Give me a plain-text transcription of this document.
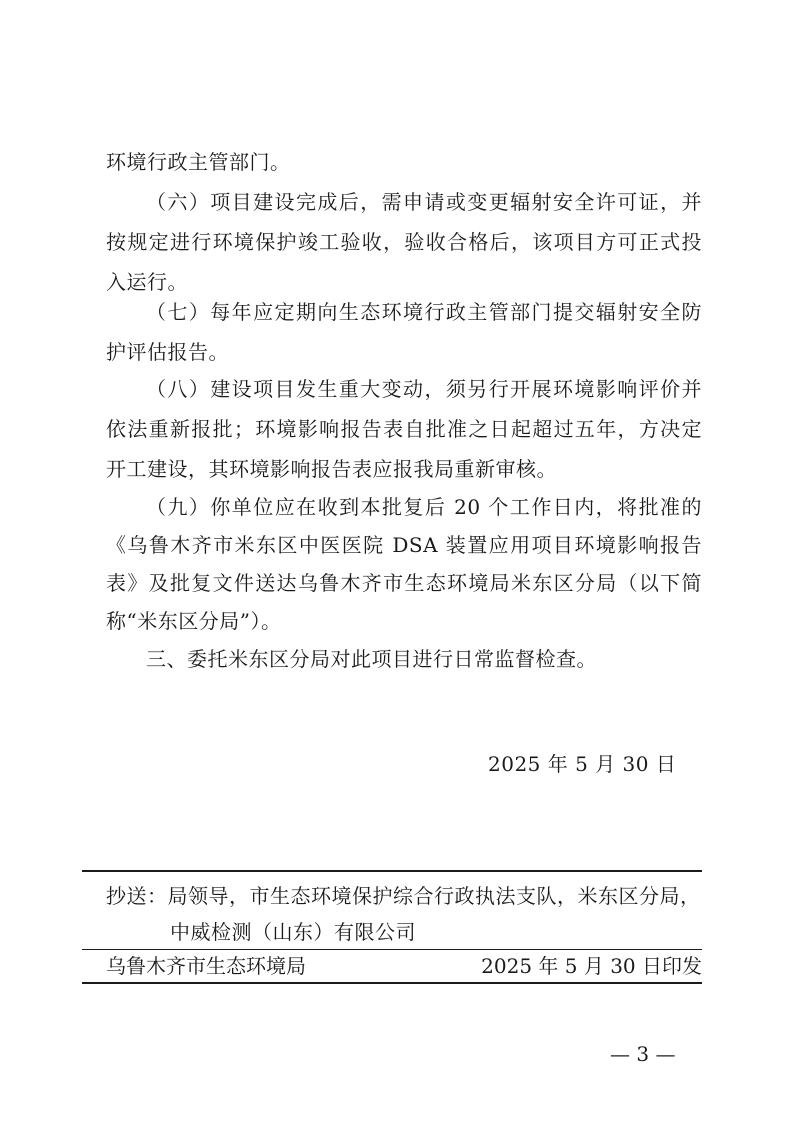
环境行政主管部门。
（六）项目建设完成后，需申请或变更辐射安全许可证，并
按规定进行环境保护竣工验收，验收合格后，该项目方可正式投
入运行。
（七）每年应定期向生态环境行政主管部门提交辐射安全防
护评估报告。
（八）建设项目发生重大变动，须另行开展环境影响评价并
依法重新报批；环境影响报告表自批准之日起超过五年，方决定
开工建设，其环境影响报告表应报我局重新审核。
（九）你单位应在收到本批复后 20 个工作日内，将批准的
《乌鲁木齐市米东区中医医院 DSA 装置应用项目环境影响报告
表》及批复文件送达乌鲁木齐市生态环境局米东区分局（以下简
称“米东区分局”）。
三、委托米东区分局对此项目进行日常监督检查。
2025 年 5 月 30 日
抄送：局领导，市生态环境保护综合行政执法支队，米东区分局，
中威检测（山东）有限公司
乌鲁木齐市生态环境局	2025 年 5 月 30 日印发
— 3 —
